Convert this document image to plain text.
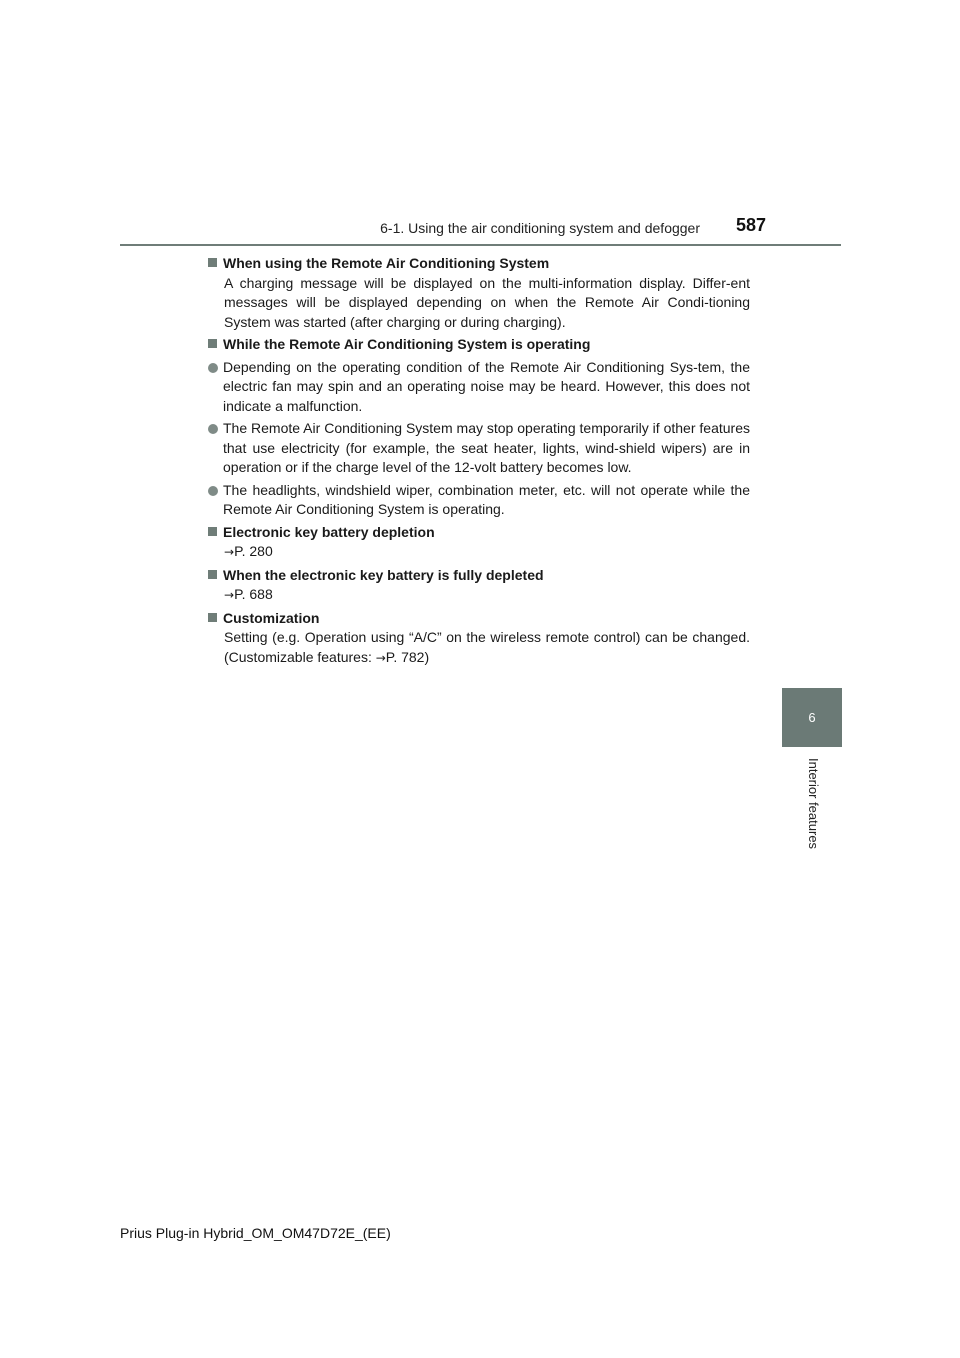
6-1. Using the air conditioning system and defogger 587
6
Interior features
When using the Remote Air Conditioning System
A charging message will be displayed on the multi-information display. Differ-ent messages will be displayed depending on when the Remote Air Condi-tioning System was started (after charging or during charging).
While the Remote Air Conditioning System is operating
Depending on the operating condition of the Remote Air Conditioning Sys-tem, the electric fan may spin and an operating noise may be heard. However, this does not indicate a malfunction.
The Remote Air Conditioning System may stop operating temporarily if other features that use electricity (for example, the seat heater, lights, wind-shield wipers) are in operation or if the charge level of the 12-volt battery becomes low.
The headlights, windshield wiper, combination meter, etc. will not operate while the Remote Air Conditioning System is operating.
Electronic key battery depletion
→P. 280
When the electronic key battery is fully depleted
→P. 688
Customization
Setting (e.g. Operation using “A/C” on the wireless remote control) can be changed. (Customizable features: →P. 782)
Prius Plug-in Hybrid_OM_OM47D72E_(EE)
